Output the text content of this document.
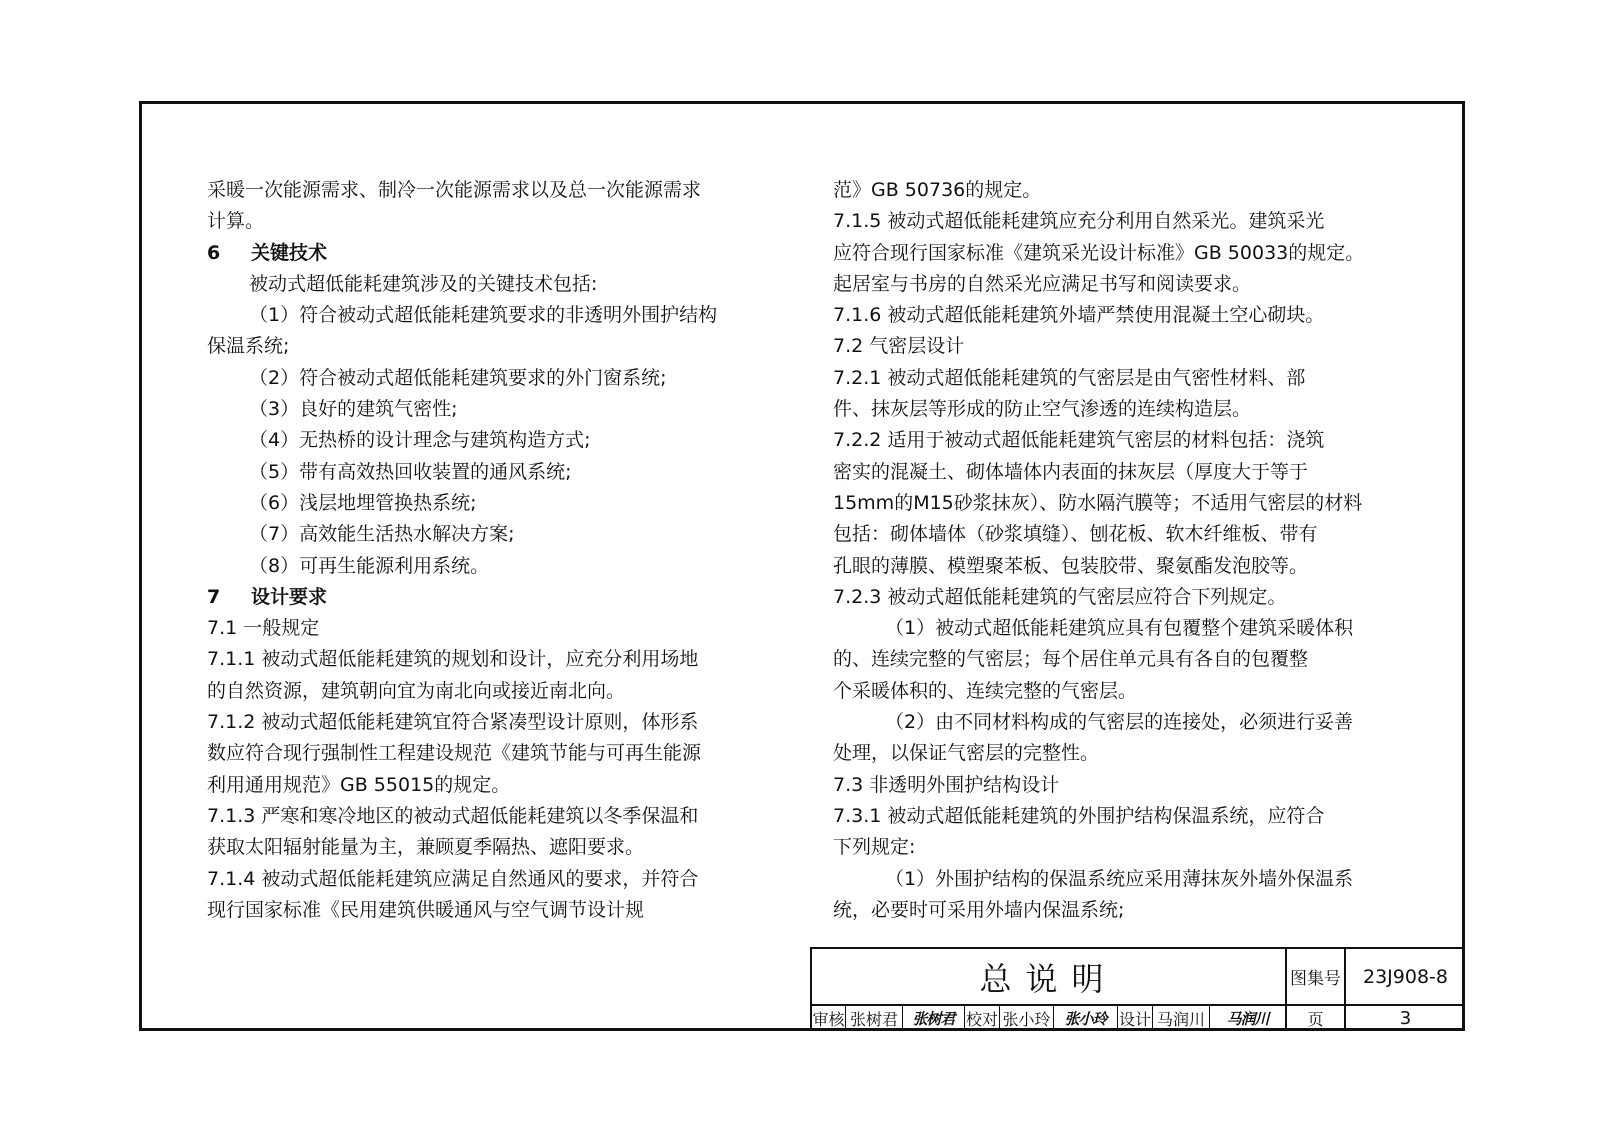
采暖一次能源需求、制冷一次能源需求以及总一次能源需求

计算。

6 关键技术

被动式超低能耗建筑涉及的关键技术包括:

（1）符合被动式超低能耗建筑要求的非透明外围护结构

保温系统;

（2）符合被动式超低能耗建筑要求的外门窗系统;

（3）良好的建筑气密性;

（4）无热桥的设计理念与建筑构造方式;

（5）带有高效热回收装置的通风系统;

（6）浅层地埋管换热系统;

（7）高效能生活热水解决方案;

（8）可再生能源利用系统。

7 设计要求

7.1 一般规定

7.1.1 被动式超低能耗建筑的规划和设计，应充分利用场地

的自然资源，建筑朝向宜为南北向或接近南北向。

7.1.2 被动式超低能耗建筑宜符合紧凑型设计原则，体形系

数应符合现行强制性工程建设规范《建筑节能与可再生能源

利用通用规范》GB 55015的规定。

7.1.3 严寒和寒冷地区的被动式超低能耗建筑以冬季保温和

获取太阳辐射能量为主，兼顾夏季隔热、遮阳要求。

7.1.4 被动式超低能耗建筑应满足自然通风的要求，并符合

现行国家标准《民用建筑供暖通风与空气调节设计规

范》GB 50736的规定。

7.1.5 被动式超低能耗建筑应充分利用自然采光。建筑采光

应符合现行国家标准《建筑采光设计标准》GB 50033的规定。

起居室与书房的自然采光应满足书写和阅读要求。

7.1.6 被动式超低能耗建筑外墙严禁使用混凝土空心砌块。

7.2 气密层设计

7.2.1 被动式超低能耗建筑的气密层是由气密性材料、部

件、抹灰层等形成的防止空气渗透的连续构造层。

7.2.2 适用于被动式超低能耗建筑气密层的材料包括：浇筑

密实的混凝土、砌体墙体内表面的抹灰层（厚度大于等于

15mm的M15砂浆抹灰）、防水隔汽膜等；不适用气密层的材料

包括：砌体墙体（砂浆填缝）、刨花板、软木纤维板、带有

孔眼的薄膜、模塑聚苯板、包装胶带、聚氨酯发泡胶等。

7.2.3 被动式超低能耗建筑的气密层应符合下列规定。

（1）被动式超低能耗建筑应具有包覆整个建筑采暖体积

的、连续完整的气密层；每个居住单元具有各自的包覆整

个采暖体积的、连续完整的气密层。

（2）由不同材料构成的气密层的连接处，必须进行妥善

处理，以保证气密层的完整性。

7.3 非透明外围护结构设计

7.3.1 被动式超低能耗建筑的外围护结构保温系统，应符合

下列规定:

（1）外围护结构的保温系统应采用薄抹灰外墙外保温系

统，必要时可采用外墙内保温系统;

总说明	图集号	23J908-8
审核 张树君 张树君 校对 张小玲 张小玲 设计 马润川	马润川	页	3
